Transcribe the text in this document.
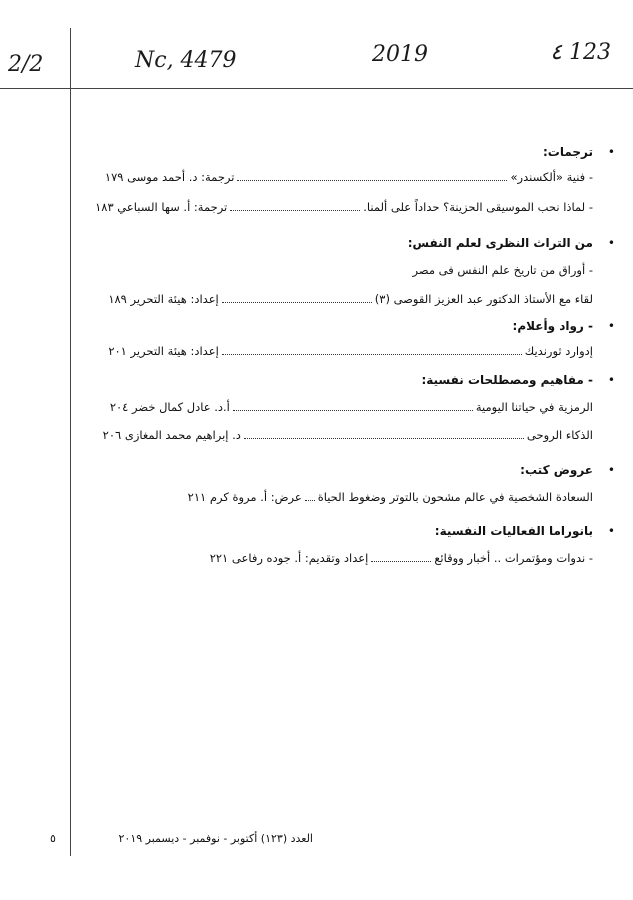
٤ 123
2019
Nc, 4479
2/2
•
ترجمات:
- فنية «ألكسندر»
ترجمة: د. أحمد موسى ١٧٩
- لماذا نحب الموسيقى الحزينة؟ حداداً على ألمنا.
ترجمة: أ. سها السباعي ١٨٣
•
من التراث النظرى لعلم النفس:
- أوراق من تاريخ علم النفس فى مصر
لقاء مع الأستاذ الدكتور عبد العزيز القوصى (٣)
إعداد: هيئة التحرير ١٨٩
•
- رواد وأعلام:
إدوارد ثورنديك
إعداد: هيئة التحرير ٢٠١
•
- مفاهيم ومصطلحات نفسية:
الرمزية في حياتنا اليومية
أ.د. عادل كمال خضر ٢٠٤
الذكاء الروحى
د. إبراهيم محمد المغازى ٢٠٦
•
عروض كتب:
السعادة الشخصية في عالم مشحون بالتوتر وضغوط الحياة
عرض: أ. مروة كرم ٢١١
•
بانوراما الفعاليات النفسية:
- ندوات ومؤتمرات .. أخبار ووقائع
إعداد وتقديم: أ. جوده رفاعى ٢٢١
العدد (١٢٣) أكتوبر - نوفمبر - ديسمبر ٢٠١٩
٥
